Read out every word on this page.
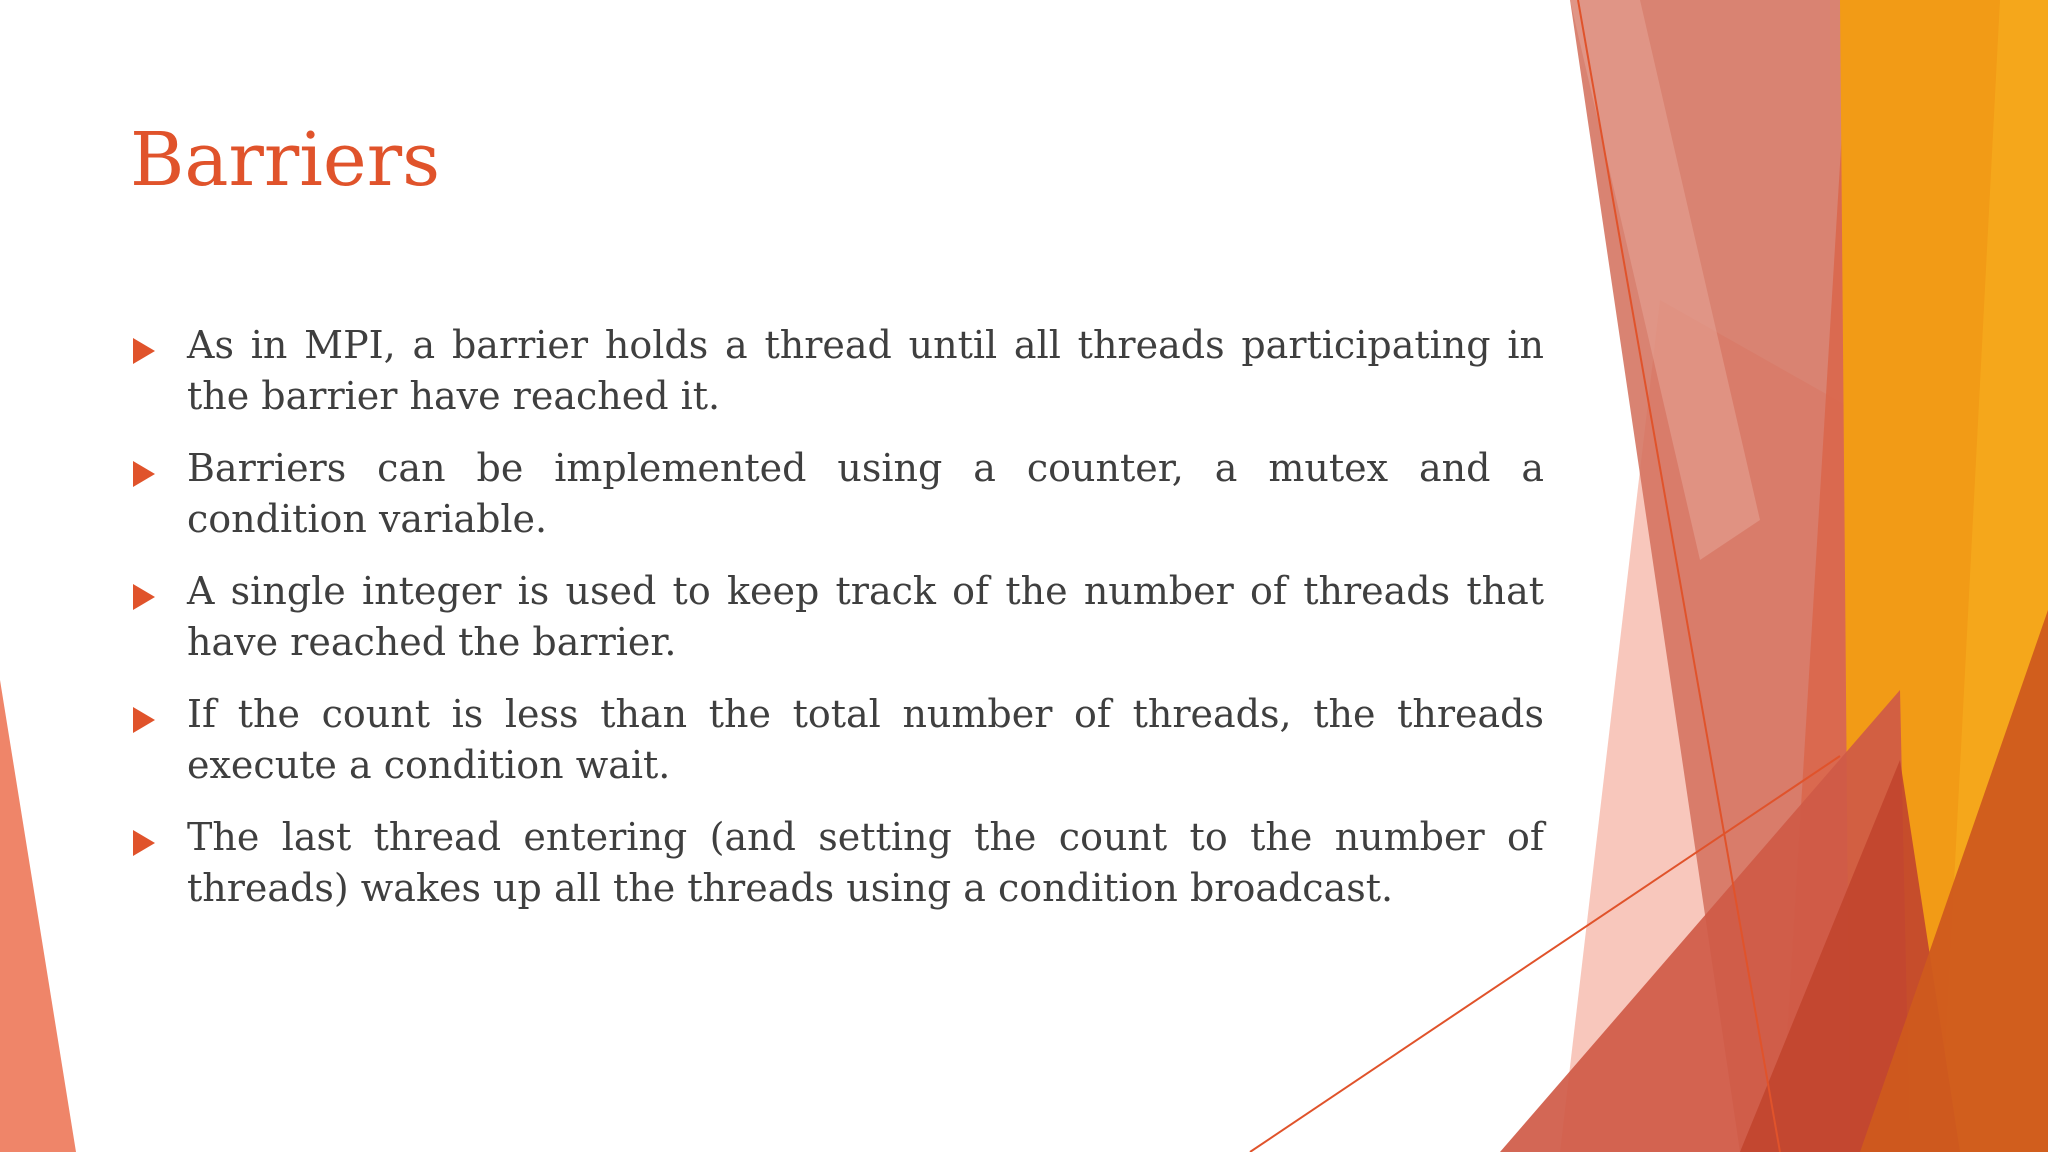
Barriers
As in MPI, a barrier holds a thread until all threads participating in the barrier have reached it.
Barriers can be implemented using a counter, a mutex and a condition variable.
A single integer is used to keep track of the number of threads that have reached the barrier.
If the count is less than the total number of threads, the threads execute a condition wait.
The last thread entering (and setting the count to the number of threads) wakes up all the threads using a condition broadcast.
